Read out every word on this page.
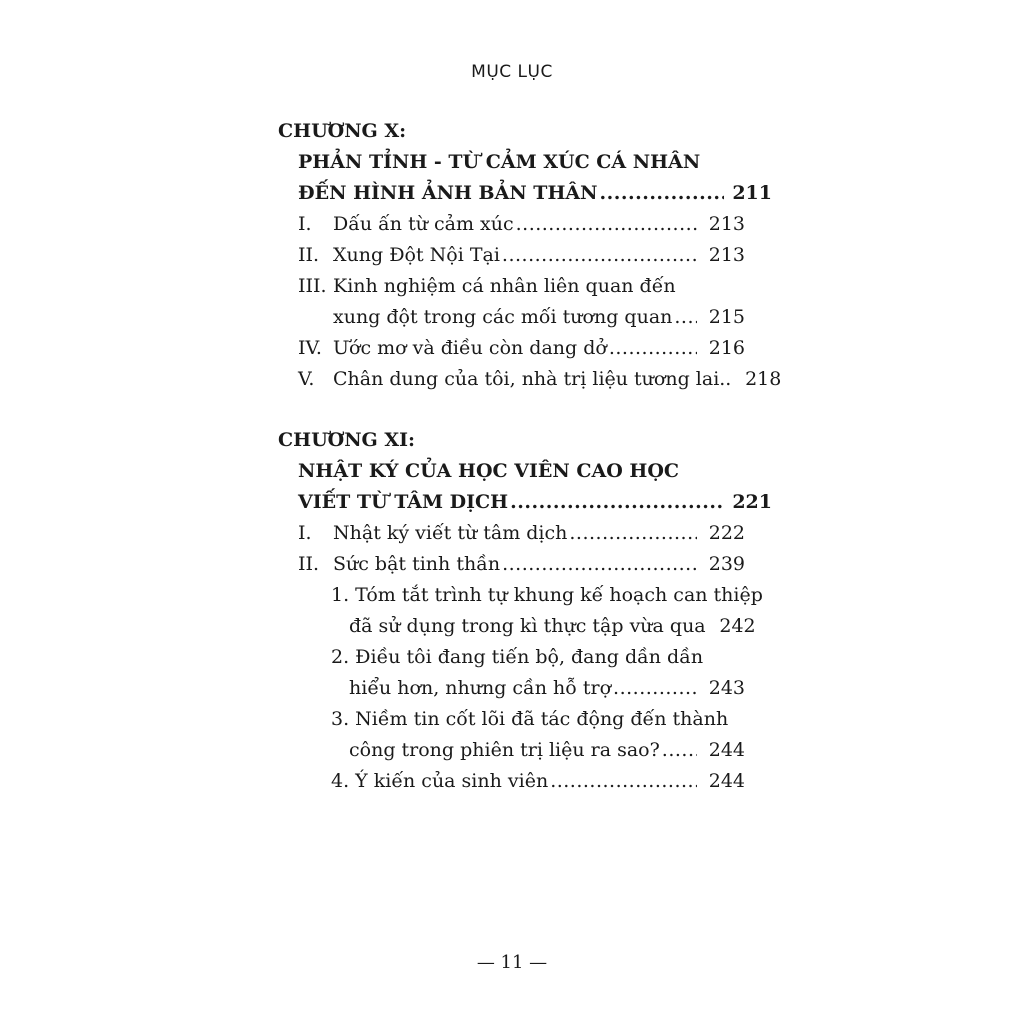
MỤC LỤC
CHƯƠNG X:
PHẢN TỈNH - TỪ CẢM XÚC CÁ NHÂN
ĐẾN HÌNH ẢNH BẢN THÂN .....	211
I. Dấu ấn từ cảm xúc .....	213
II. Xung Đột Nội Tại .....	213
III. Kinh nghiệm cá nhân liên quan đến
xung đột trong các mối tương quan .....	215
IV. Ước mơ và điều còn dang dở .....	216
V. Chân dung của tôi, nhà trị liệu tương lai.. 218
CHƯƠNG XI:
NHẬT KÝ CỦA HỌC VIÊN CAO HỌC
VIẾT TỪ TÂM DỊCH .....	221
I. Nhật ký viết từ tâm dịch .....	222
II. Sức bật tinh thần .....	239
1. Tóm tắt trình tự khung kế hoạch can thiệp
đã sử dụng trong kì thực tập vừa qua 242
2. Điều tôi đang tiến bộ, đang dần dần
hiểu hơn, nhưng cần hỗ trợ .....	243
3. Niềm tin cốt lõi đã tác động đến thành
công trong phiên trị liệu ra sao? .....	244
4. Ý kiến của sinh viên .....	244
— 11 —
